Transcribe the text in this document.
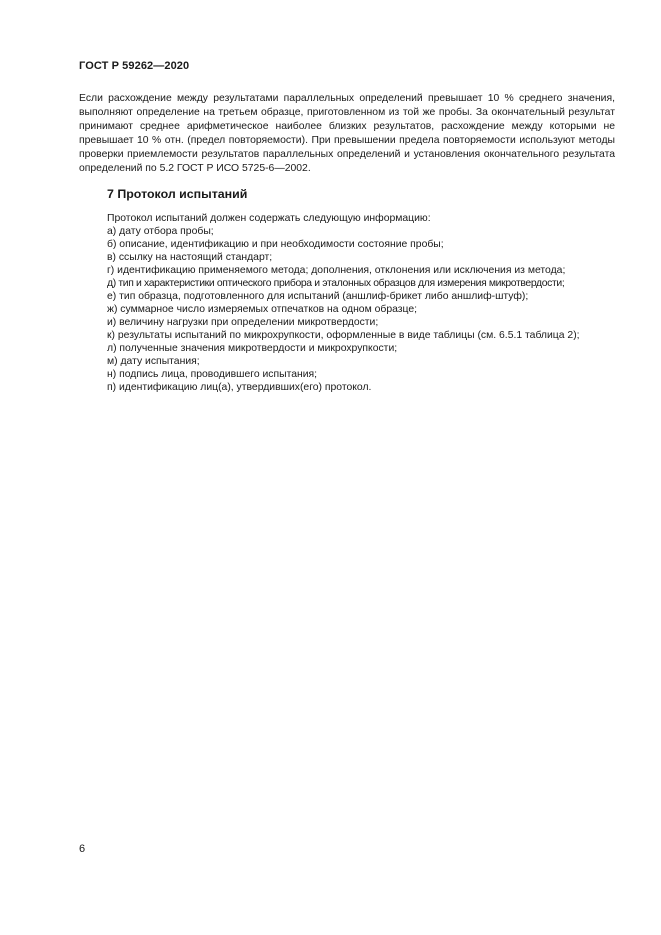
ГОСТ Р 59262—2020
Если расхождение между результатами параллельных определений превышает 10 % среднего значения, выполняют определение на третьем образце, приготовленном из той же пробы. За окончательный результат принимают среднее арифметическое наиболее близких результатов, расхождение между которыми не превышает 10 % отн. (предел повторяемости). При превышении предела повторяемости используют методы проверки приемлемости результатов параллельных определений и установления окончательного результата определений по 5.2 ГОСТ Р ИСО 5725-6—2002.
7 Протокол испытаний
Протокол испытаний должен содержать следующую информацию:
а) дату отбора пробы;
б) описание, идентификацию и при необходимости состояние пробы;
в) ссылку на настоящий стандарт;
г) идентификацию применяемого метода; дополнения, отклонения или исключения из метода;
д) тип и характеристики оптического прибора и эталонных образцов для измерения микротвердости;
е) тип образца, подготовленного для испытаний (аншлиф-брикет либо аншлиф-штуф);
ж) суммарное число измеряемых отпечатков на одном образце;
и) величину нагрузки при определении микротвердости;
к) результаты испытаний по микрохрупкости, оформленные в виде таблицы (см. 6.5.1 таблица 2);
л) полученные значения микротвердости и микрохрупкости;
м) дату испытания;
н) подпись лица, проводившего испытания;
п) идентификацию лиц(а), утвердивших(его) протокол.
6
